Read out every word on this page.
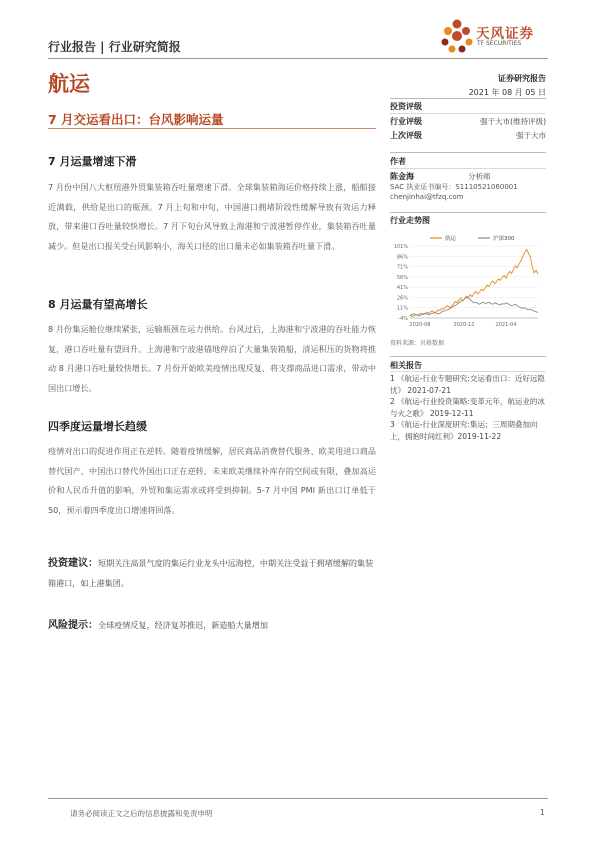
行业报告 | 行业研究简报
天风证券
TF SECURITIES
航运
7 月交运看出口：台风影响运量
证券研究报告
2021 年 08 月 05 日
投资评级
行业评级	强于大市(维持评级)
上次评级	强于大市
作者
陈金海	分析师
SAC 执业证书编号：S1110521060001
chenjinhai@tfzq.com
行业走势图
101%
86%
71%
56%
41%
26%
11%
-4%
2020-08	2020-12	2021-04
航运	沪深300
资料来源：贝格数据
相关报告
1 《航运-行业专题研究:交运看出口：近好远隐忧》 2021-07-21
2 《航运-行业投资策略:变革元年，航运业的冰与火之歌》 2019-12-11
3 《航运-行业深度研究:集运；三周期叠加向上，拥抱时间红利》2019-11-22
7 月运量增速下滑

7 月份中国八大枢纽港外贸集装箱吞吐量增速下滑。全球集装箱海运价格持续上涨，船舶接近满载，供给是出口的瓶颈。7 月上旬和中旬，中国港口拥堵阶段性缓解导致有效运力释放，带来港口吞吐量较快增长。7 月下旬台风导致上海港和宁波港暂停作业，集装箱吞吐量减少。但是出口报关受台风影响小，海关口径的出口量未必如集装箱吞吐量下滑。

8 月运量有望高增长

8 月份集运舱位继续紧张，运输瓶颈在运力供给。台风过后，上海港和宁波港的吞吐能力恢复，港口吞吐量有望回升。上海港和宁波港锚地停泊了大量集装箱船，清运积压的货物将推动 8 月港口吞吐量较快增长。7 月份开始欧美疫情出现反复，将支撑商品进口需求，带动中国出口增长。

四季度运量增长趋缓

疫情对出口的促进作用正在逆转。随着疫情缓解，居民商品消费替代服务、欧美用进口商品替代国产、中国出口替代外国出口正在逆转，未来欧美继续补库存的空间或有限，叠加高运价和人民币升值的影响，外贸和集运需求或将受到抑制。5-7 月中国 PMI 新出口订单低于 50，预示着四季度出口增速将回落。

投资建议：短期关注高景气度的集运行业龙头中远海控，中期关注受益于拥堵缓解的集装箱港口，如上港集团。

风险提示：全球疫情反复，经济复苏推迟，新造船大量增加

请务必阅读正文之后的信息披露和免责申明	1
